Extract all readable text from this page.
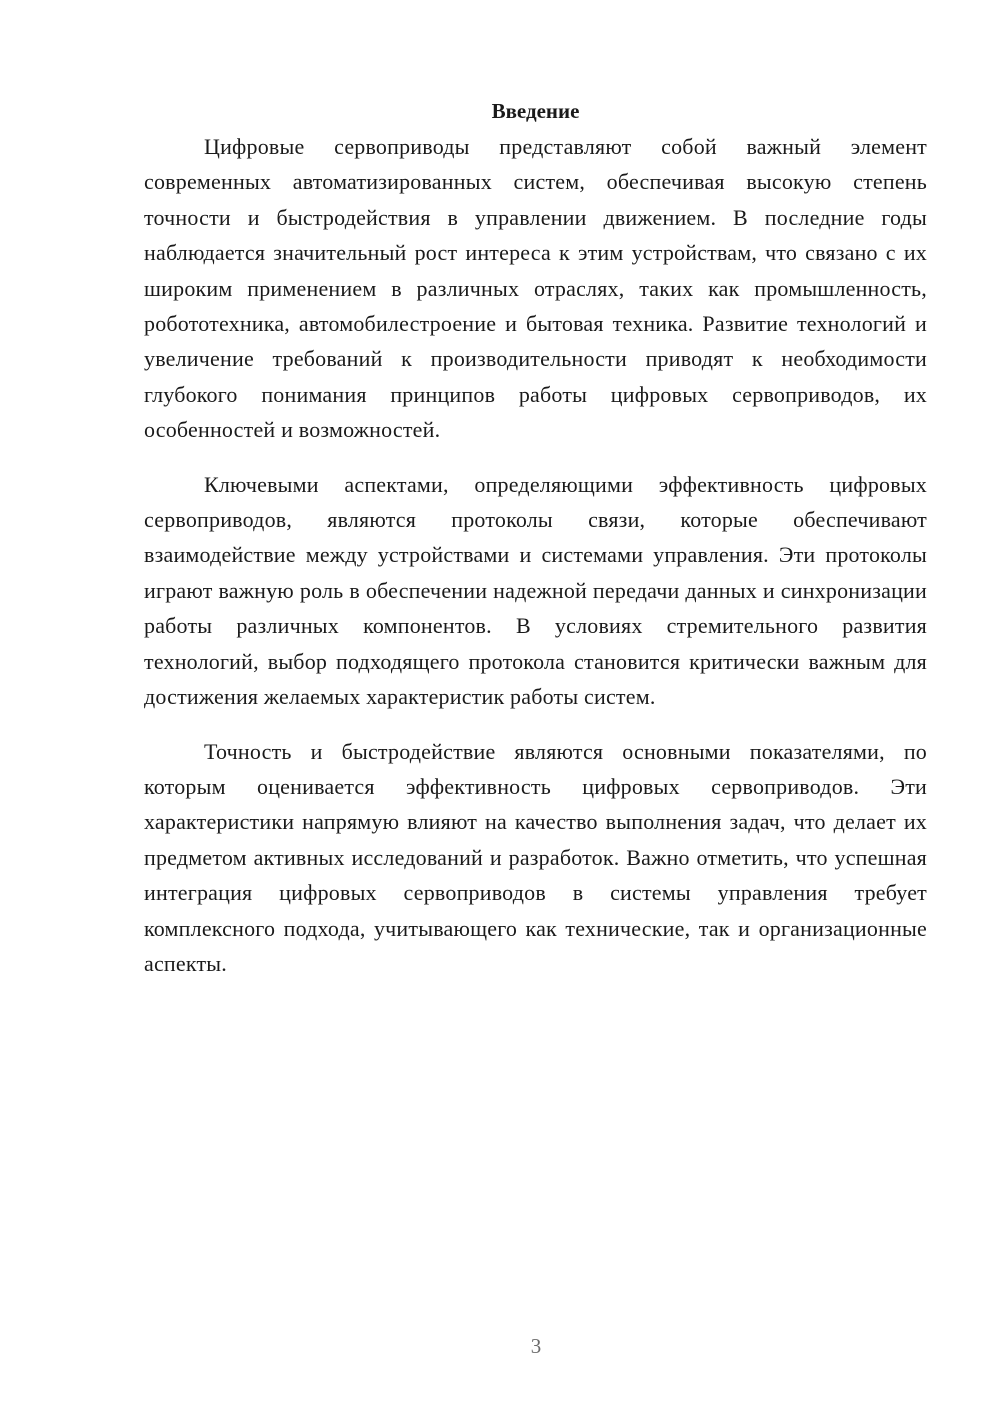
Введение

Цифровые сервоприводы представляют собой важный элемент современных автоматизированных систем, обеспечивая высокую степень точности и быстродействия в управлении движением. В последние годы наблюдается значительный рост интереса к этим устройствам, что связано с их широким применением в различных отраслях, таких как промышленность, робототехника, автомобилестроение и бытовая техника. Развитие технологий и увеличение требований к производительности приводят к необходимости глубокого понимания принципов работы цифровых сервоприводов, их особенностей и возможностей.

Ключевыми аспектами, определяющими эффективность цифровых сервоприводов, являются протоколы связи, которые обеспечивают взаимодействие между устройствами и системами управления. Эти протоколы играют важную роль в обеспечении надежной передачи данных и синхронизации работы различных компонентов. В условиях стремительного развития технологий, выбор подходящего протокола становится критически важным для достижения желаемых характеристик работы систем.

Точность и быстродействие являются основными показателями, по которым оценивается эффективность цифровых сервоприводов. Эти характеристики напрямую влияют на качество выполнения задач, что делает их предметом активных исследований и разработок. Важно отметить, что успешная интеграция цифровых сервоприводов в системы управления требует комплексного подхода, учитывающего как технические, так и организационные аспекты.

3
